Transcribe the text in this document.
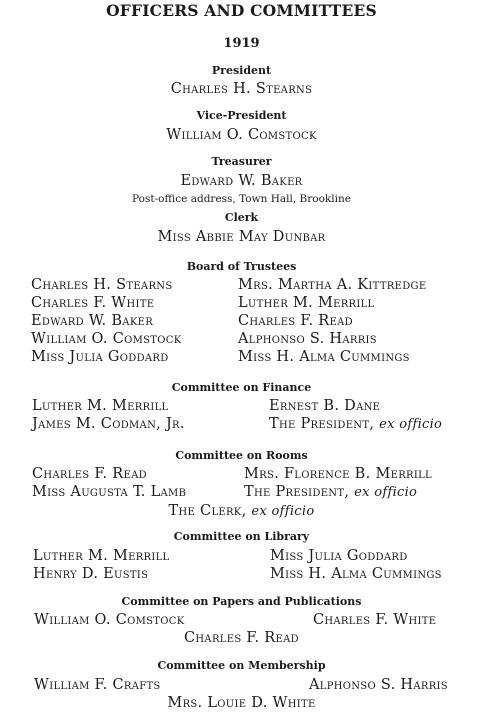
OFFICERS AND COMMITTEES
1919
President
Charles H. Stearns
Vice-President
William O. Comstock
Treasurer
Edward W. Baker
Post-office address, Town Hall, Brookline
Clerk
Miss Abbie May Dunbar
Board of Trustees
Charles H. Stearns
Charles F. White
Edward W. Baker
William O. Comstock
Miss Julia Goddard
Mrs. Martha A. Kittredge
Luther M. Merrill
Charles F. Read
Alphonso S. Harris
Miss H. Alma Cummings
Committee on Finance
Luther M. Merrill
James M. Codman, Jr.
Ernest B. Dane
The President, ex officio
Committee on Rooms
Charles F. Read
Miss Augusta T. Lamb
Mrs. Florence B. Merrill
The President, ex officio
The Clerk, ex officio
Committee on Library
Luther M. Merrill
Henry D. Eustis
Miss Julia Goddard
Miss H. Alma Cummings
Committee on Papers and Publications
William O. Comstock	Charles F. White
Charles F. Read
Committee on Membership
William F. Crafts	Alphonso S. Harris
Mrs. Louie D. White
